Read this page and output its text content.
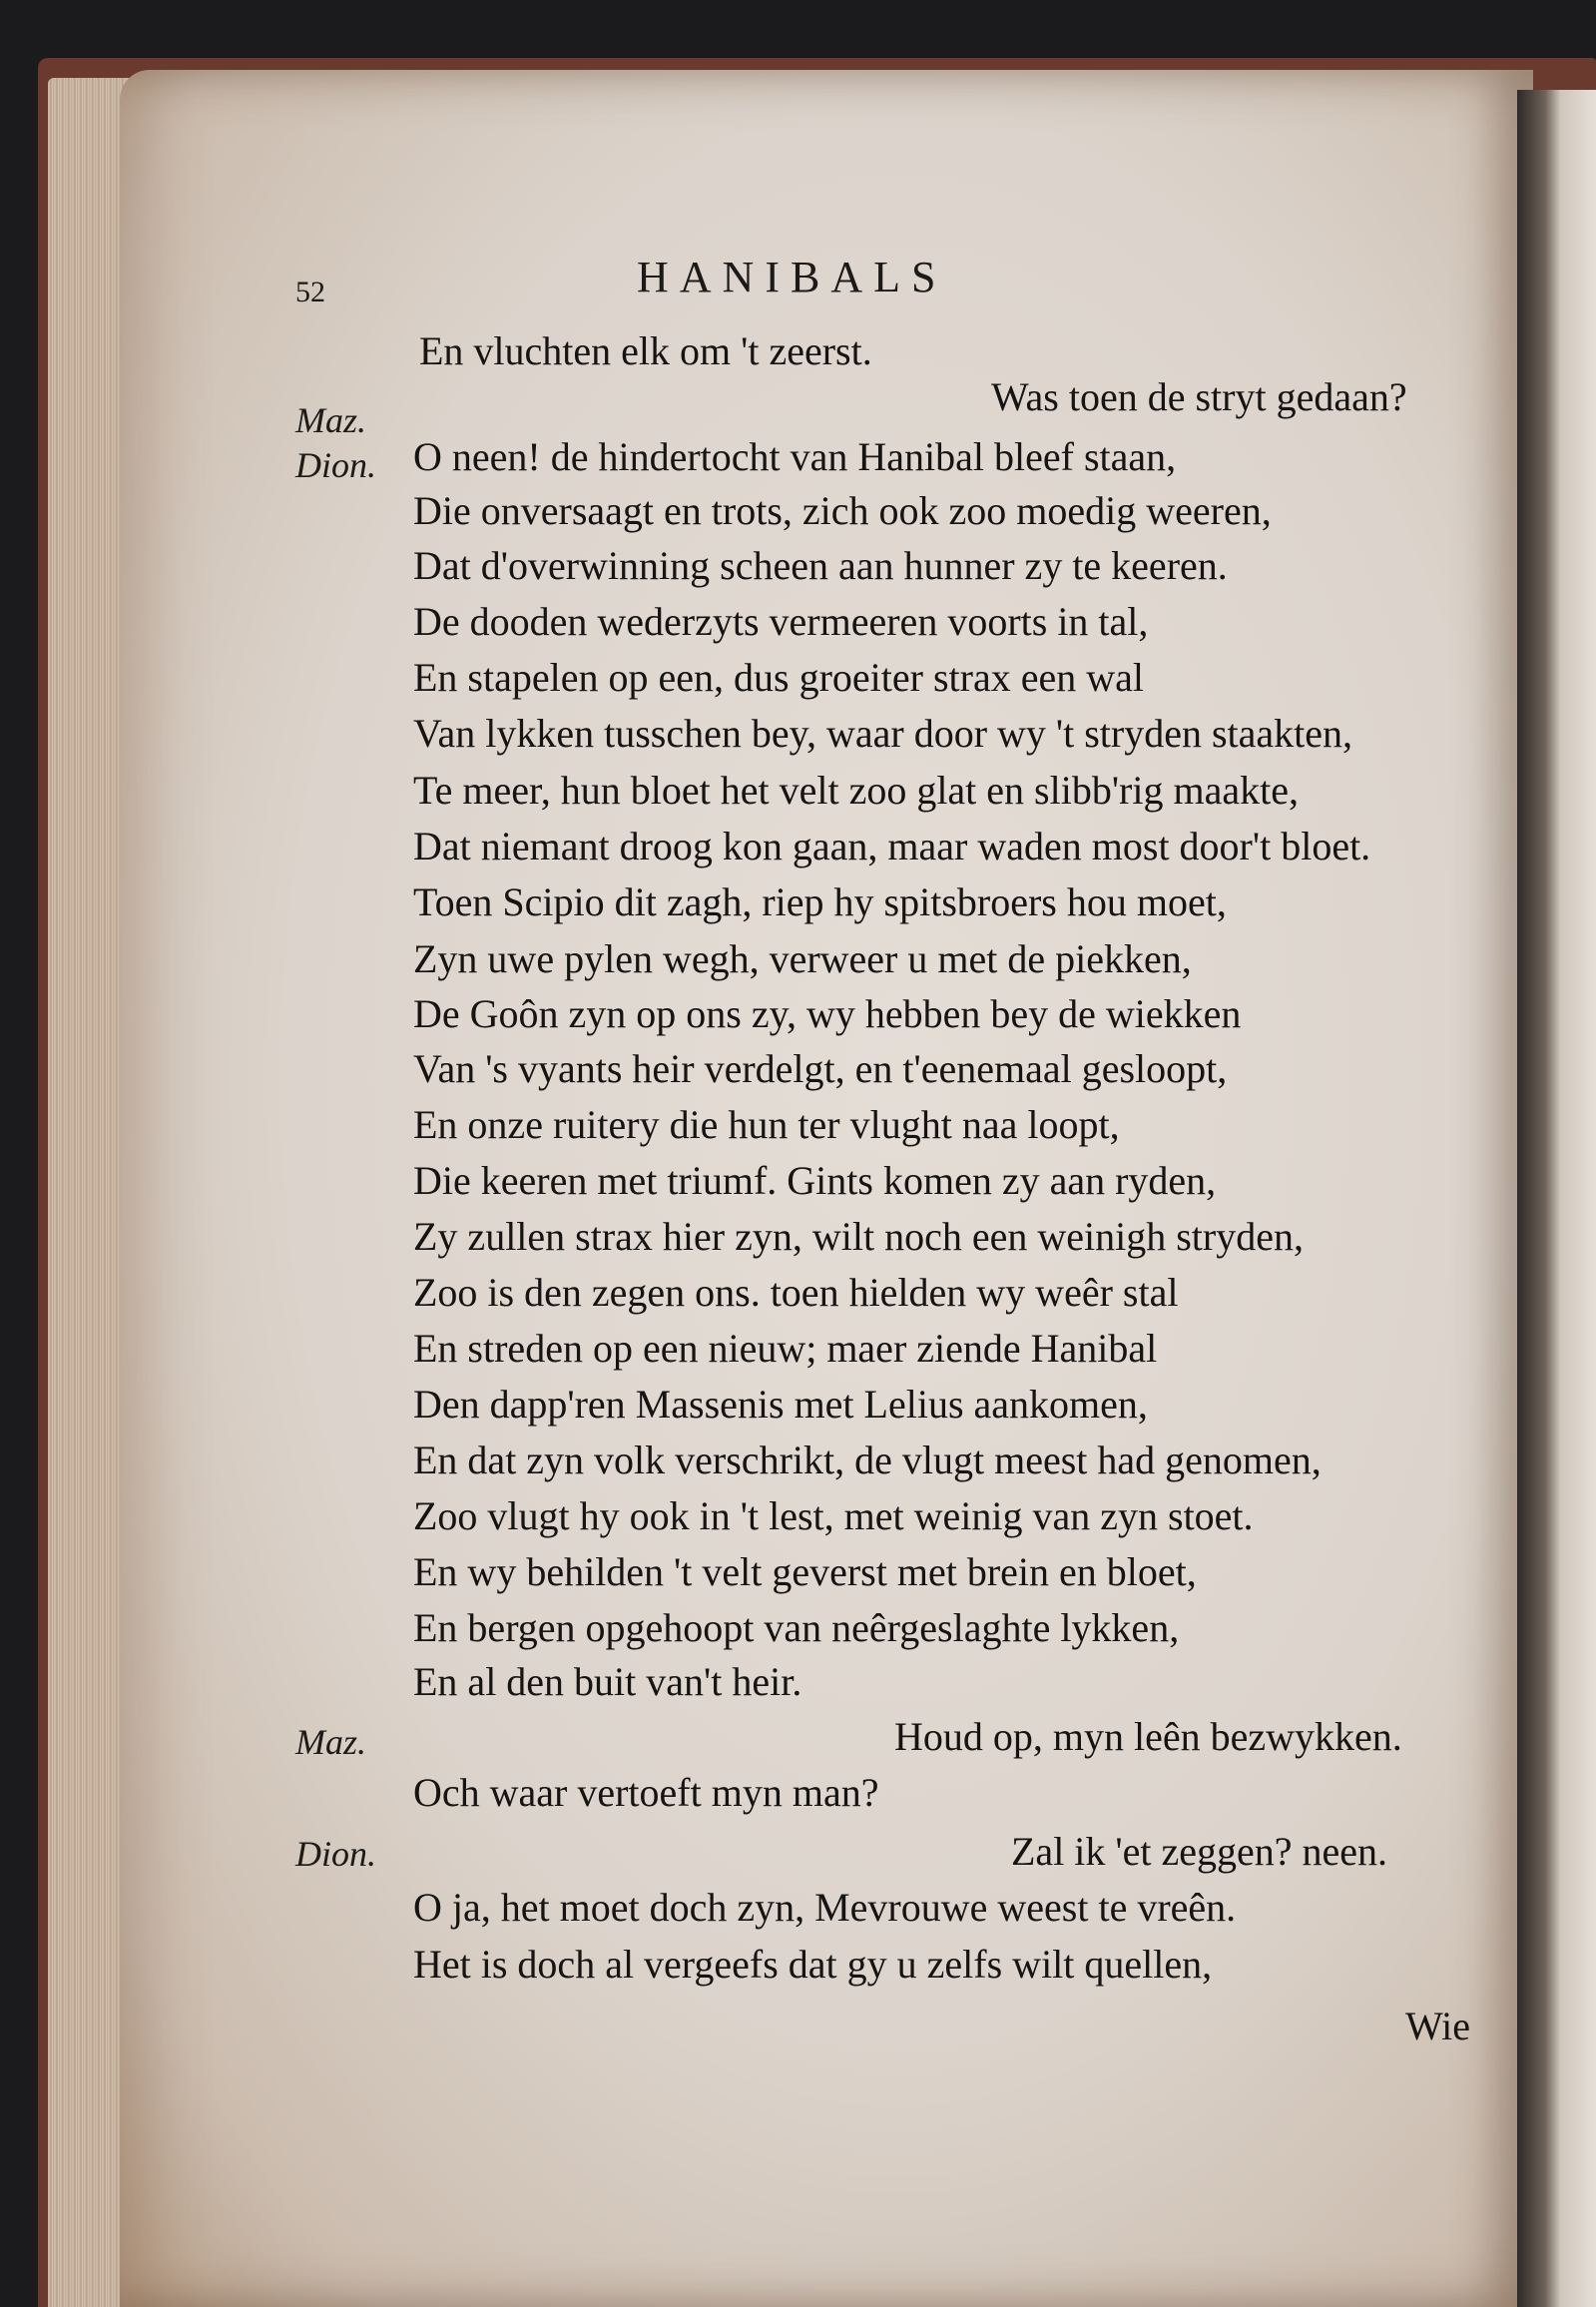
52	HANIBALS
Maz.
Dion.
Maz.
Dion.
En vluchten elk om 't zeerst.
Was toen de stryt gedaan?
O neen! de hindertocht van Hanibal bleef staan,
Die onversaagt en trots, zich ook zoo moedig weeren,
Dat d'overwinning scheen aan hunner zy te keeren.
De dooden wederzyts vermeeren voorts in tal,
En stapelen op een, dus groeiter strax een wal
Van lykken tusschen bey, waar door wy 't stryden staakten,
Te meer, hun bloet het velt zoo glat en slibb'rig maakte,
Dat niemant droog kon gaan, maar waden most door't bloet.
Toen Scipio dit zagh, riep hy spitsbroers hou moet,
Zyn uwe pylen wegh, verweer u met de piekken,
De Goôn zyn op ons zy, wy hebben bey de wiekken
Van 's vyants heir verdelgt, en t'eenemaal gesloopt,
En onze ruitery die hun ter vlught naa loopt,
Die keeren met triumf. Gints komen zy aan ryden,
Zy zullen strax hier zyn, wilt noch een weinigh stryden,
Zoo is den zegen ons. toen hielden wy weêr stal
En streden op een nieuw; maer ziende Hanibal
Den dapp'ren Massenis met Lelius aankomen,
En dat zyn volk verschrikt, de vlugt meest had genomen,
Zoo vlugt hy ook in 't lest, met weinig van zyn stoet.
En wy behilden 't velt geverst met brein en bloet,
En bergen opgehoopt van neêrgeslaghte lykken,
En al den buit van't heir.
Houd op, myn leên bezwykken.
Och waar vertoeft myn man?
Zal ik 'et zeggen? neen.
O ja, het moet doch zyn, Mevrouwe weest te vreên.
Het is doch al vergeefs dat gy u zelfs wilt quellen,
Wie
